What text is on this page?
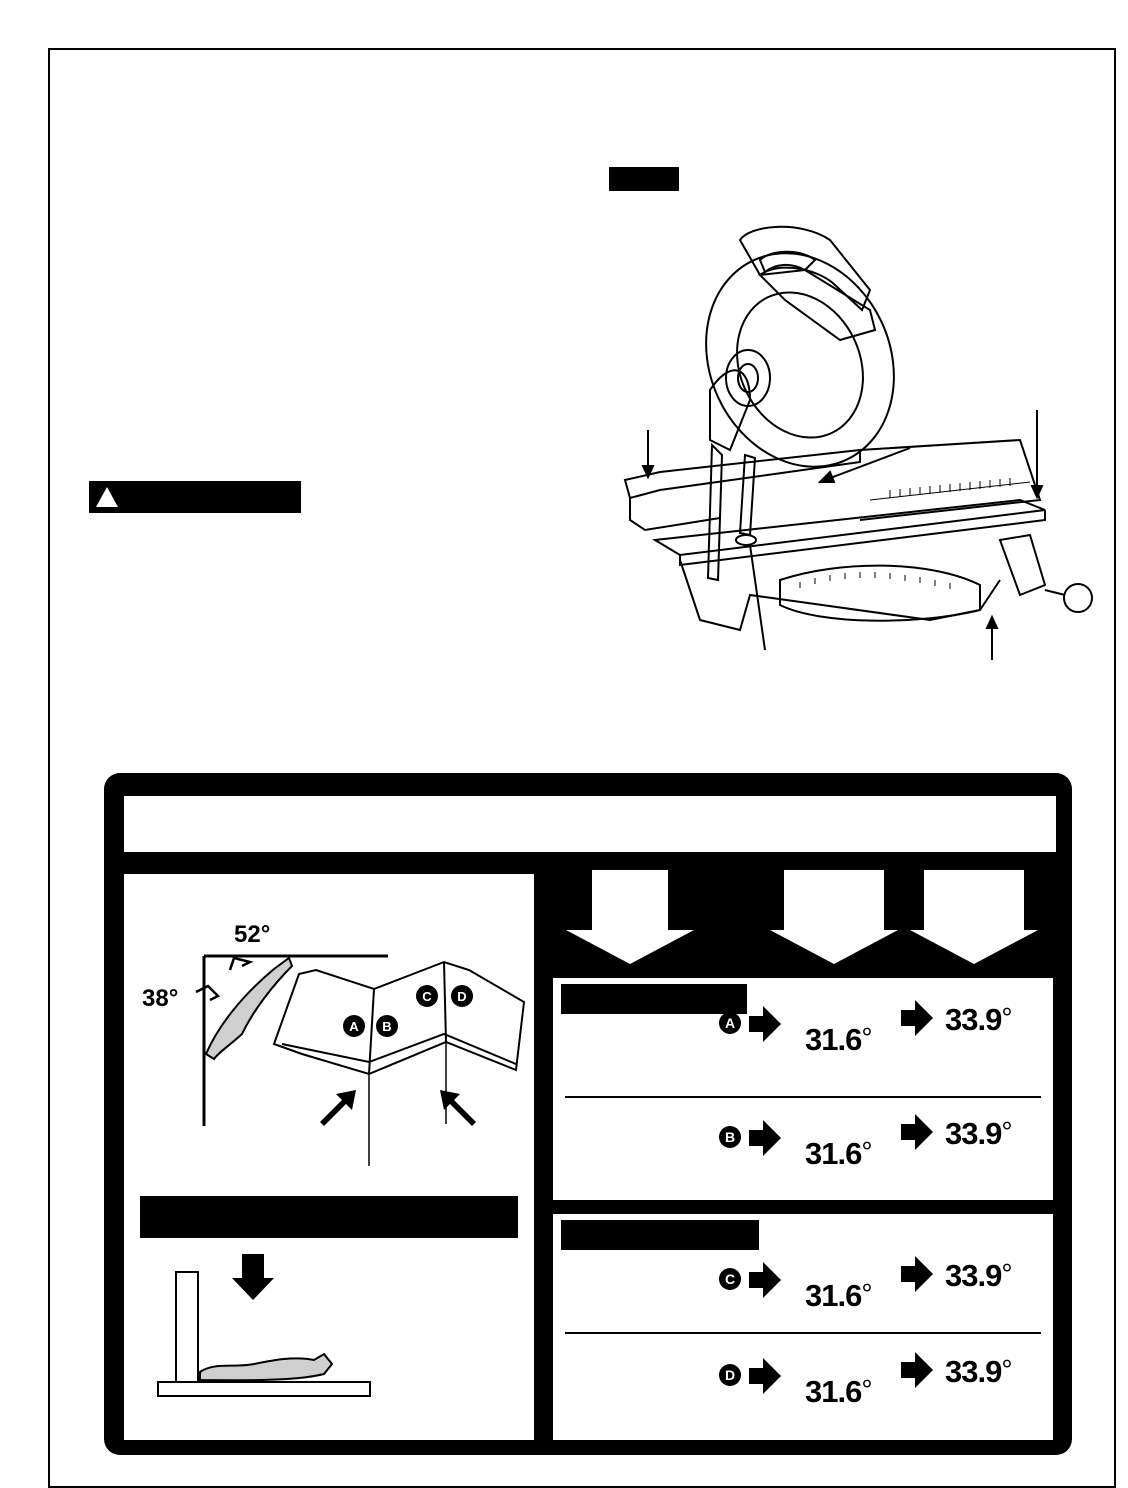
52°
38°
A B
C D
A 31.6°
33.9°
B 31.6°
33.9°
C 31.6°
33.9°
D 31.6°
33.9°
